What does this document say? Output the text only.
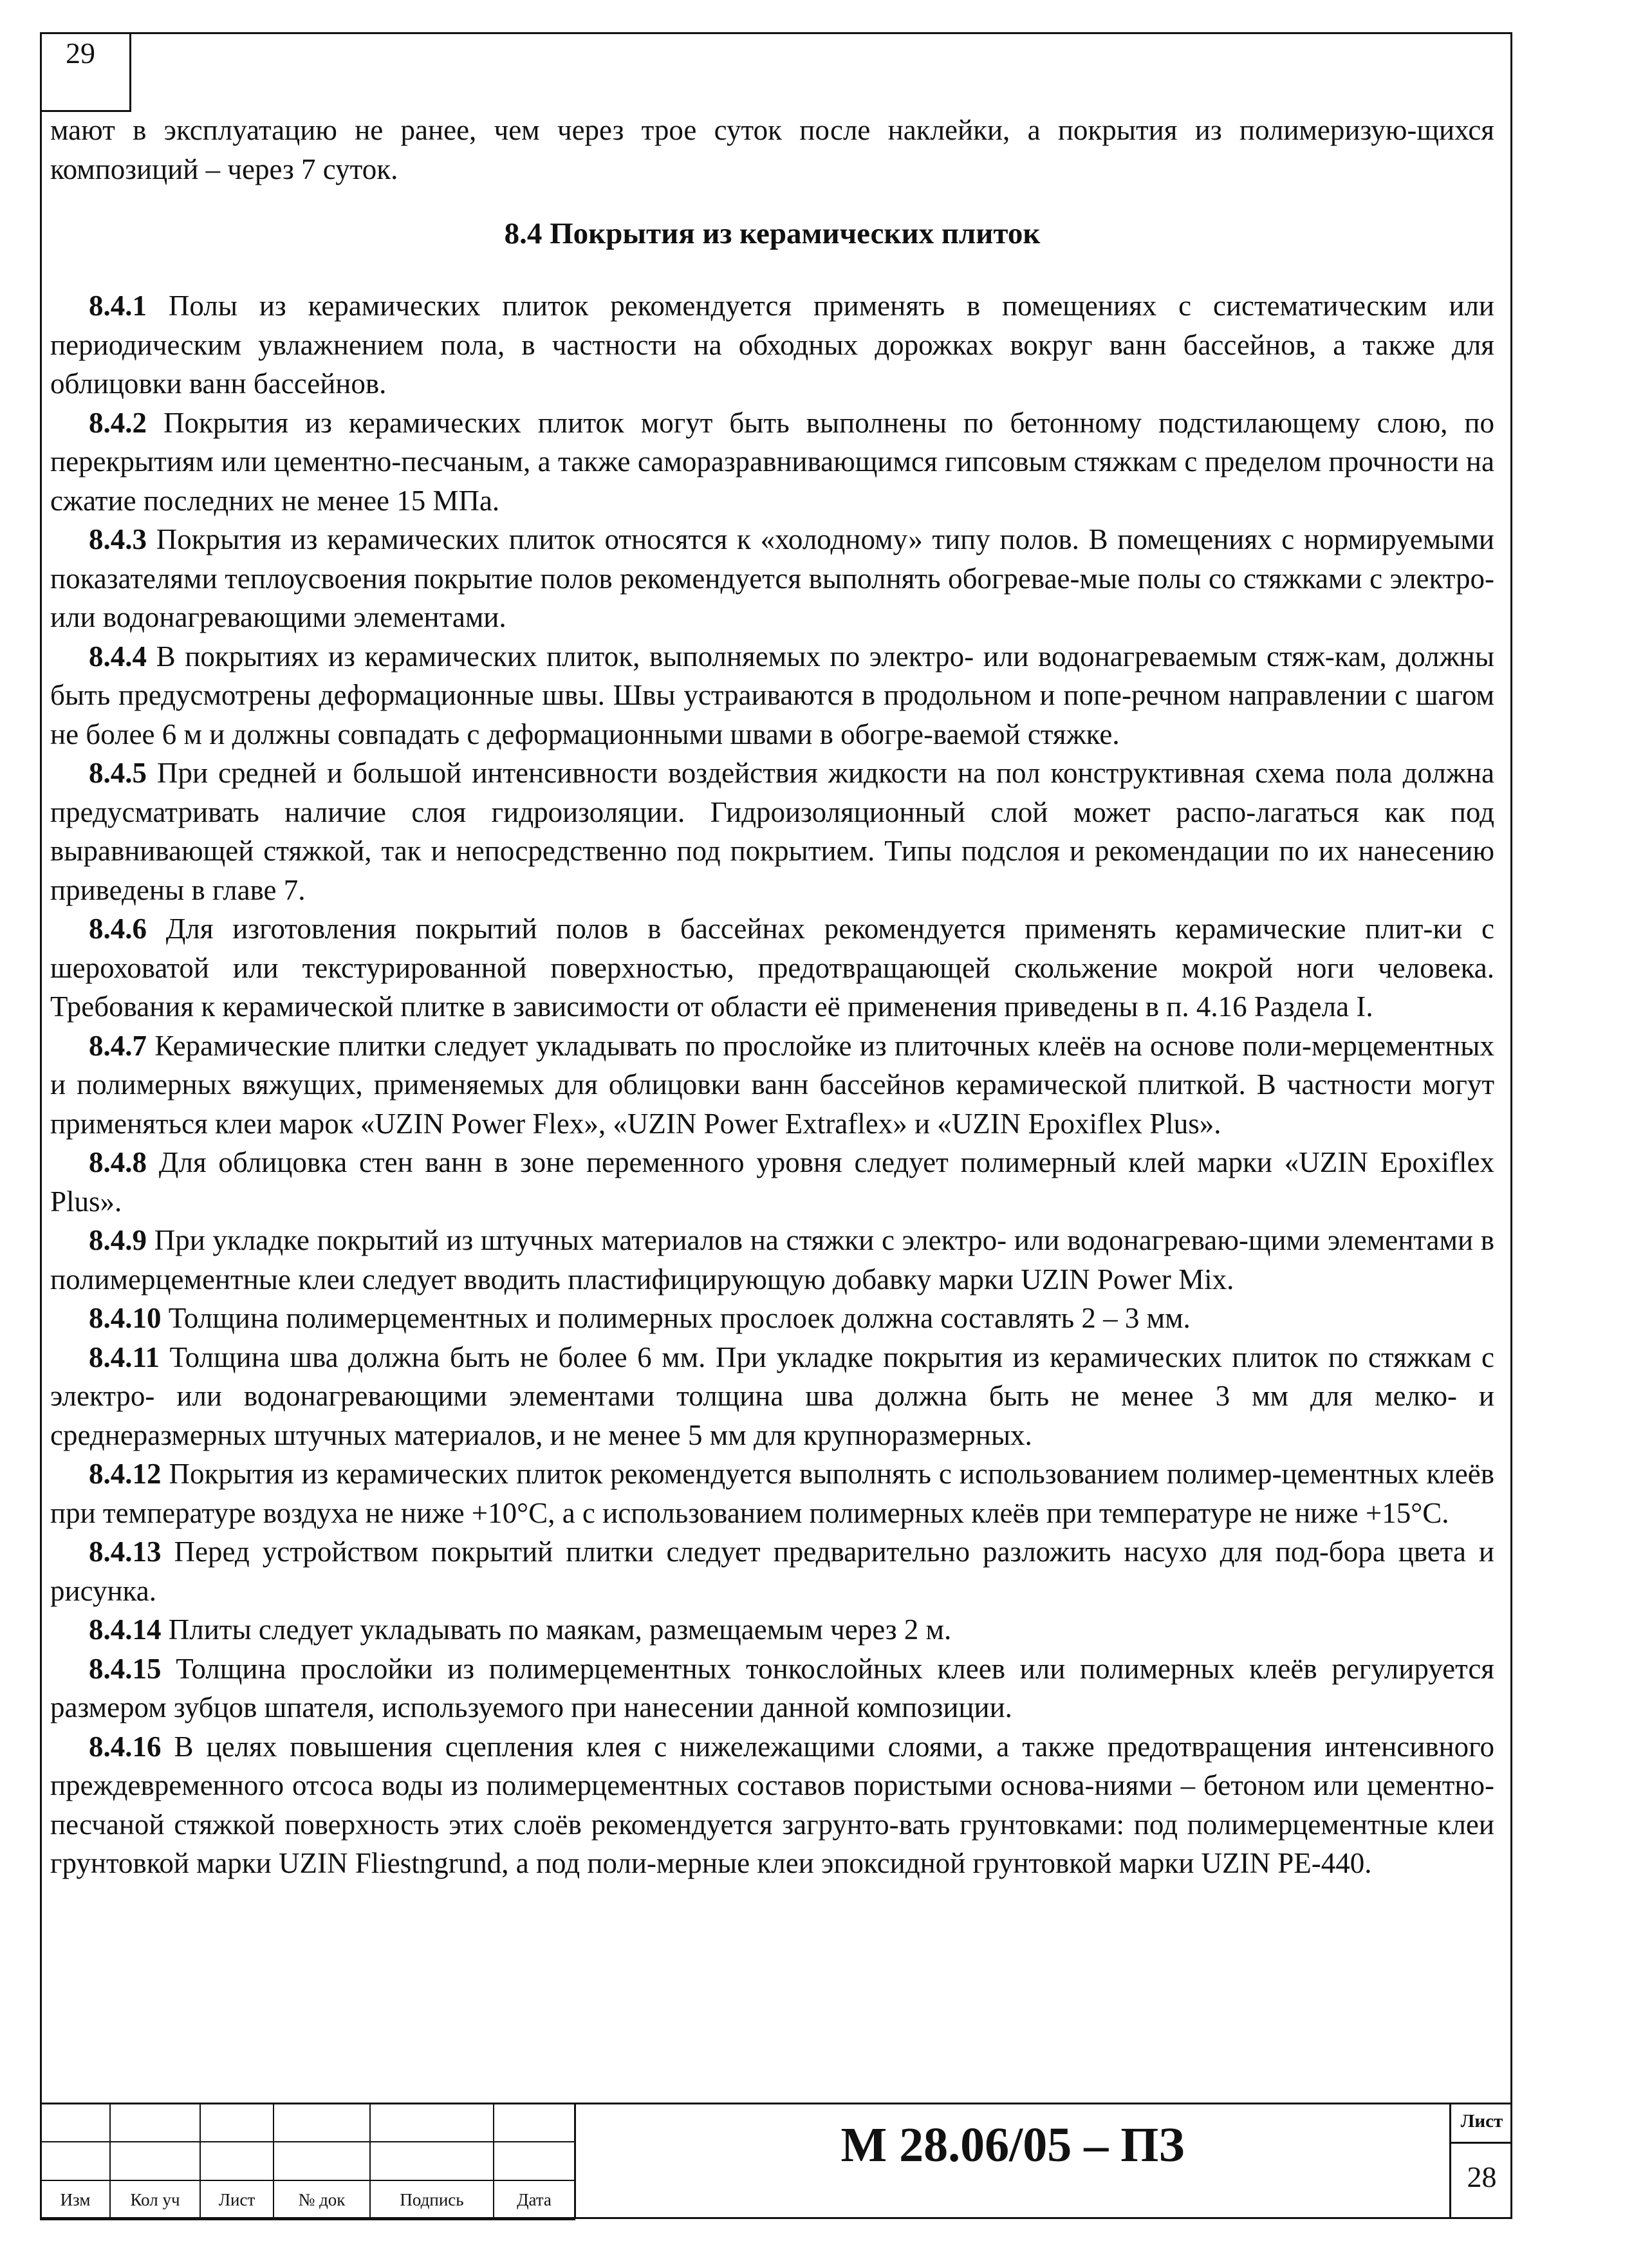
29

мают в эксплуатацию не ранее, чем через трое суток после наклейки, а покрытия из полимеризую-щихся композиций – через 7 суток.

8.4 Покрытия из керамических плиток

8.4.1 Полы из керамических плиток рекомендуется применять в помещениях с систематическим или периодическим увлажнением пола, в частности на обходных дорожках вокруг ванн бассейнов, а также для облицовки ванн бассейнов.

8.4.2 Покрытия из керамических плиток могут быть выполнены по бетонному подстилающему слою, по перекрытиям или цементно-песчаным, а также саморазравнивающимся гипсовым стяжкам с пределом прочности на сжатие последних не менее 15 МПа.

8.4.3 Покрытия из керамических плиток относятся к «холодному» типу полов. В помещениях с нормируемыми показателями теплоусвоения покрытие полов рекомендуется выполнять обогревае-мые полы со стяжками с электро- или водонагревающими элементами.

8.4.4 В покрытиях из керамических плиток, выполняемых по электро- или водонагреваемым стяж-кам, должны быть предусмотрены деформационные швы. Швы устраиваются в продольном и попе-речном направлении с шагом не более 6 м и должны совпадать с деформационными швами в обогре-ваемой стяжке.

8.4.5 При средней и большой интенсивности воздействия жидкости на пол конструктивная схема пола должна предусматривать наличие слоя гидроизоляции. Гидроизоляционный слой может распо-лагаться как под выравнивающей стяжкой, так и непосредственно под покрытием. Типы подслоя и рекомендации по их нанесению приведены в главе 7.

8.4.6 Для изготовления покрытий полов в бассейнах рекомендуется применять керамические плит-ки с шероховатой или текстурированной поверхностью, предотвращающей скольжение мокрой ноги человека. Требования к керамической плитке в зависимости от области её применения приведены в п. 4.16 Раздела I.

8.4.7 Керамические плитки следует укладывать по прослойке из плиточных клеёв на основе поли-мерцементных и полимерных вяжущих, применяемых для облицовки ванн бассейнов керамической плиткой. В частности могут применяться клеи марок «UZIN Power Flex», «UZIN Power Extraflex» и «UZIN Epoxiflex Plus».

8.4.8 Для облицовка стен ванн в зоне переменного уровня следует полимерный клей марки «UZIN Epoxiflex Plus».

8.4.9 При укладке покрытий из штучных материалов на стяжки с электро- или водонагреваю-щими элементами в полимерцементные клеи следует вводить пластифицирующую добавку марки UZIN Power Mix.

8.4.10 Толщина полимерцементных и полимерных прослоек должна составлять 2 – 3 мм.

8.4.11 Толщина шва должна быть не более 6 мм. При укладке покрытия из керамических плиток по стяжкам с электро- или водонагревающими элементами толщина шва должна быть не менее 3 мм для мелко- и среднеразмерных штучных материалов, и не менее 5 мм для крупноразмерных.

8.4.12 Покрытия из керамических плиток рекомендуется выполнять с использованием полимер-цементных клеёв при температуре воздуха не ниже +10°С, а с использованием полимерных клеёв при температуре не ниже +15°С.

8.4.13 Перед устройством покрытий плитки следует предварительно разложить насухо для под-бора цвета и рисунка.

8.4.14 Плиты следует укладывать по маякам, размещаемым через 2 м.

8.4.15 Толщина прослойки из полимерцементных тонкослойных клеев или полимерных клеёв регулируется размером зубцов шпателя, используемого при нанесении данной композиции.

8.4.16 В целях повышения сцепления клея с нижележащими слоями, а также предотвращения интенсивного преждевременного отсоса воды из полимерцементных составов пористыми основа-ниями – бетоном или цементно-песчаной стяжкой поверхность этих слоёв рекомендуется загрунто-вать грунтовками: под полимерцементные клеи грунтовкой марки UZIN Fliestngrund, а под поли-мерные клеи эпоксидной грунтовкой марки UZIN PE-440.

Изм	Кол уч	Лист	№ док	Подпись	Дата
М 28.06/05 – ПЗ	Лист
28
